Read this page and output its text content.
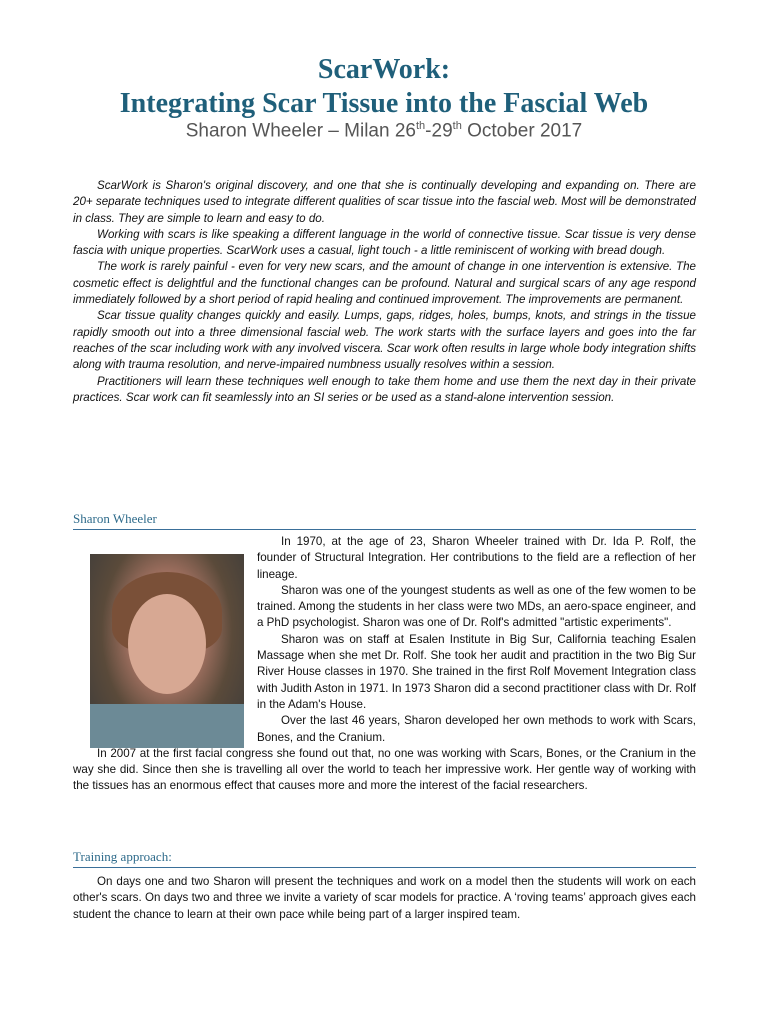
ScarWork:
Integrating Scar Tissue into the Fascial Web
Sharon Wheeler – Milan 26th-29th October 2017

ScarWork is Sharon's original discovery, and one that she is continually developing and expanding on. There are 20+ separate techniques used to integrate different qualities of scar tissue into the fascial web. Most will be demonstrated in class. They are simple to learn and easy to do.

Working with scars is like speaking a different language in the world of connective tissue. Scar tissue is very dense fascia with unique properties. ScarWork uses a casual, light touch - a little reminiscent of working with bread dough.

The work is rarely painful - even for very new scars, and the amount of change in one intervention is extensive. The cosmetic effect is delightful and the functional changes can be profound. Natural and surgical scars of any age respond immediately followed by a short period of rapid healing and continued improvement. The improvements are permanent.

Scar tissue quality changes quickly and easily. Lumps, gaps, ridges, holes, bumps, knots, and strings in the tissue rapidly smooth out into a three dimensional fascial web. The work starts with the surface layers and goes into the far reaches of the scar including work with any involved viscera. Scar work often results in large whole body integration shifts along with trauma resolution, and nerve-impaired numbness usually resolves within a session.

Practitioners will learn these techniques well enough to take them home and use them the next day in their private practices. Scar work can fit seamlessly into an SI series or be used as a stand-alone intervention session.

Sharon Wheeler

In 1970, at the age of 23, Sharon Wheeler trained with Dr. Ida P. Rolf, the founder of Structural Integration. Her contributions to the field are a reflection of her lineage.

Sharon was one of the youngest students as well as one of the few women to be trained. Among the students in her class were two MDs, an aero-space engineer, and a PhD psychologist. Sharon was one of Dr. Rolf's admitted "artistic experiments".

Sharon was on staff at Esalen Institute in Big Sur, California teaching Esalen Massage when she met Dr. Rolf. She took her audit and practition in the two Big Sur River House classes in 1970. She trained in the first Rolf Movement Integration class with Judith Aston in 1971. In 1973 Sharon did a second practitioner class with Dr. Rolf in the Adam's House.

Over the last 46 years, Sharon developed her own methods to work with Scars, Bones, and the Cranium.

In 2007 at the first facial congress she found out that, no one was working with Scars, Bones, or the Cranium in the way she did. Since then she is travelling all over the world to teach her impressive work. Her gentle way of working with the tissues has an enormous effect that causes more and more the interest of the facial researchers.

Training approach:

On days one and two Sharon will present the techniques and work on a model then the students will work on each other's scars. On days two and three we invite a variety of scar models for practice. A ‘roving teams’ approach gives each student the chance to learn at their own pace while being part of a larger inspired team.
